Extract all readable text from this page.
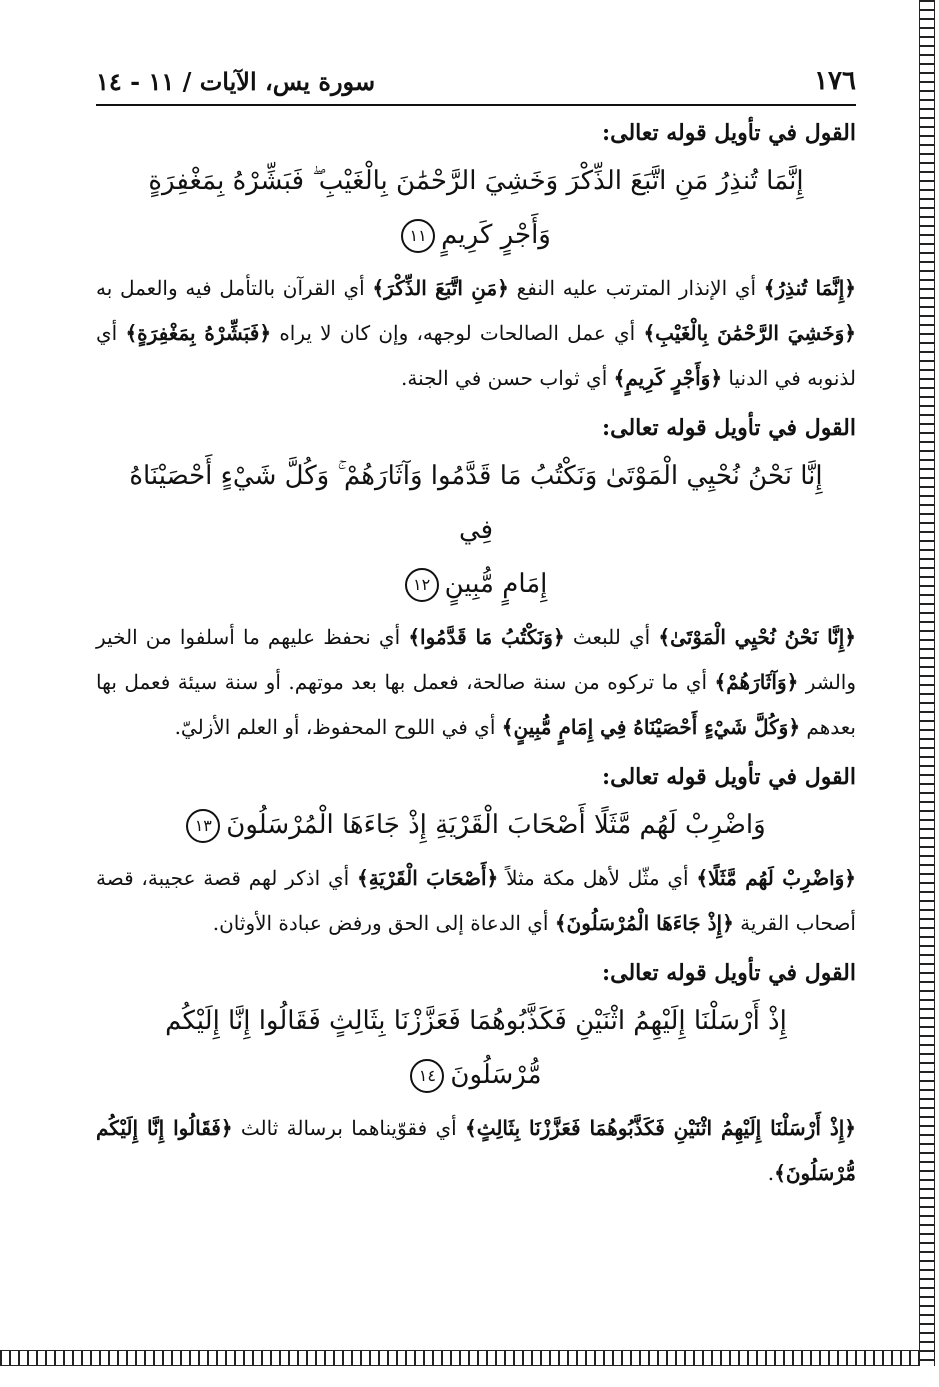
١٧٦
سورة يس، الآيات / ١١ - ١٤
القول في تأويل قوله تعالى:
إِنَّمَا تُنذِرُ مَنِ اتَّبَعَ الذِّكْرَ وَخَشِيَ الرَّحْمَٰنَ بِالْغَيْبِ ۖ فَبَشِّرْهُ بِمَغْفِرَةٍ
وَأَجْرٍ كَرِيمٍ١١
﴿إِنَّمَا تُنذِرُ﴾ أي الإنذار المترتب عليه النفع ﴿مَنِ اتَّبَعَ الذِّكْرَ﴾ أي القرآن بالتأمل فيه والعمل به ﴿وَخَشِيَ الرَّحْمَٰنَ بِالْغَيْبِ﴾ أي عمل الصالحات لوجهه، وإن كان لا يراه ﴿فَبَشِّرْهُ بِمَغْفِرَةٍ﴾ أي لذنوبه في الدنيا ﴿وَأَجْرٍ كَرِيمٍ﴾ أي ثواب حسن في الجنة.
القول في تأويل قوله تعالى:
إِنَّا نَحْنُ نُحْيِي الْمَوْتَىٰ وَنَكْتُبُ مَا قَدَّمُوا وَآثَارَهُمْ ۚ وَكُلَّ شَيْءٍ أَحْصَيْنَاهُ فِي
إِمَامٍ مُّبِينٍ١٢
﴿إِنَّا نَحْنُ نُحْيِي الْمَوْتَىٰ﴾ أي للبعث ﴿وَنَكْتُبُ مَا قَدَّمُوا﴾ أي نحفظ عليهم ما أسلفوا من الخير والشر ﴿وَآثَارَهُمْ﴾ أي ما تركوه من سنة صالحة، فعمل بها بعد موتهم. أو سنة سيئة فعمل بها بعدهم ﴿وَكُلَّ شَيْءٍ أَحْصَيْنَاهُ فِي إِمَامٍ مُّبِينٍ﴾ أي في اللوح المحفوظ، أو العلم الأزليّ.
القول في تأويل قوله تعالى:
وَاضْرِبْ لَهُم مَّثَلًا أَصْحَابَ الْقَرْيَةِ إِذْ جَاءَهَا الْمُرْسَلُونَ١٣
﴿وَاضْرِبْ لَهُم مَّثَلًا﴾ أي مثّل لأهل مكة مثلاً ﴿أَصْحَابَ الْقَرْيَةِ﴾ أي اذكر لهم قصة عجيبة، قصة أصحاب القرية ﴿إِذْ جَاءَهَا الْمُرْسَلُونَ﴾ أي الدعاة إلى الحق ورفض عبادة الأوثان.
القول في تأويل قوله تعالى:
إِذْ أَرْسَلْنَا إِلَيْهِمُ اثْنَيْنِ فَكَذَّبُوهُمَا فَعَزَّزْنَا بِثَالِثٍ فَقَالُوا إِنَّا إِلَيْكُم مُّرْسَلُونَ١٤
﴿إِذْ أَرْسَلْنَا إِلَيْهِمُ اثْنَيْنِ فَكَذَّبُوهُمَا فَعَزَّزْنَا بِثَالِثٍ﴾ أي فقوّيناهما برسالة ثالث ﴿فَقَالُوا إِنَّا إِلَيْكُم مُّرْسَلُونَ﴾.
